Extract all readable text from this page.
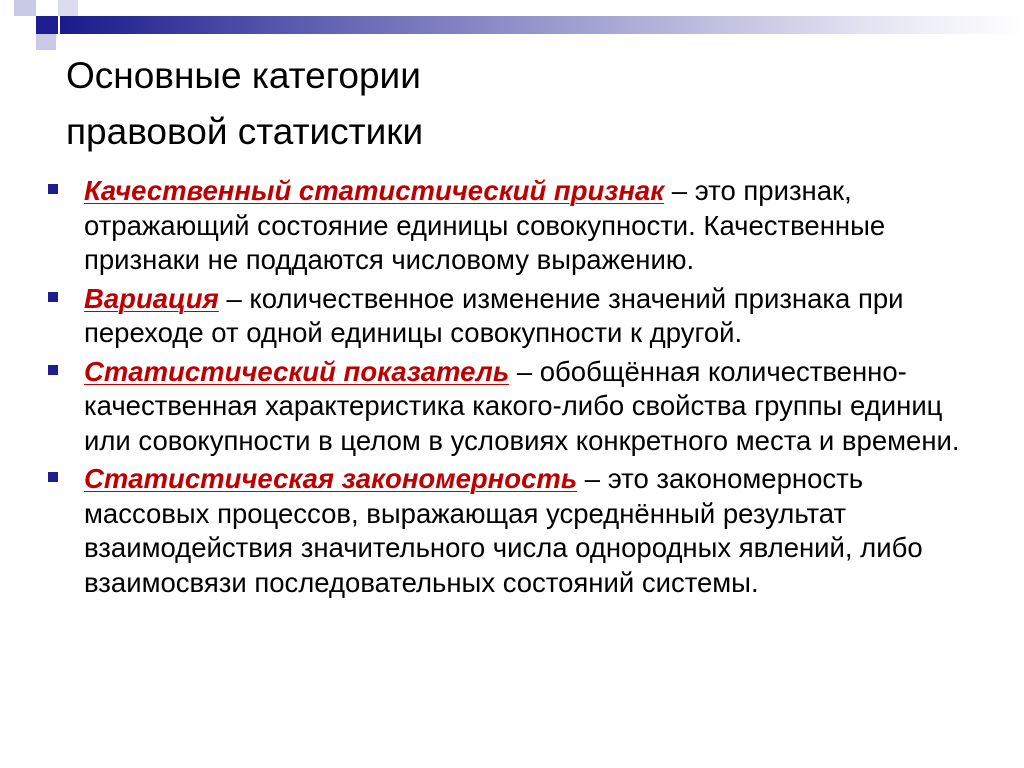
Основные категории
правовой статистики
Качественный статистический признак – это признак, отражающий состояние единицы совокупности. Качественные признаки не поддаются числовому выражению.
Вариация – количественное изменение значений признака при переходе от одной единицы совокупности к другой.
Статистический показатель – обобщённая количественно-качественная характеристика какого-либо свойства группы единиц или совокупности в целом в условиях конкретного места и времени.
Статистическая закономерность – это закономерность массовых процессов, выражающая усреднённый результат взаимодействия значительного числа однородных явлений, либо взаимосвязи последовательных состояний системы.
